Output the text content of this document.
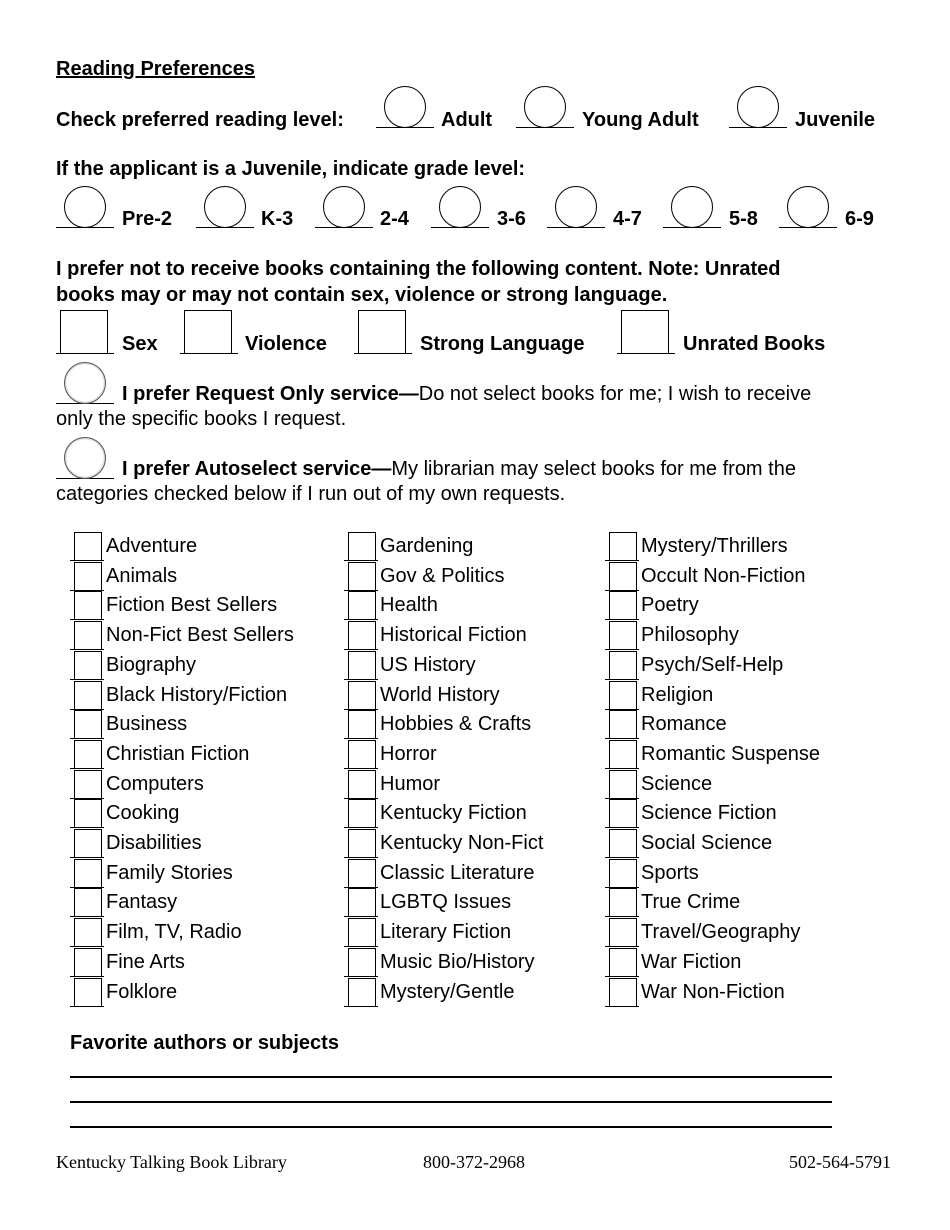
Reading Preferences
Check preferred reading level:	Adult	Young Adult	Juvenile
If the applicant is a Juvenile, indicate grade level:
Pre-2	K-3	2-4	3-6	4-7	5-8	6-9
I prefer not to receive books containing the following content. Note: Unrated
books may or may not contain sex, violence or strong language.
Sex	Violence	Strong Language	Unrated Books
I prefer Request Only service—Do not select books for me; I wish to receive
only the specific books I request.
I prefer Autoselect service—My librarian may select books for me from the
categories checked below if I run out of my own requests.
Adventure
Animals
Fiction Best Sellers
Non-Fict Best Sellers
Biography
Black History/Fiction
Business
Christian Fiction
Computers
Cooking
Disabilities
Family Stories
Fantasy
Film, TV, Radio
Fine Arts
Folklore
Gardening
Gov & Politics
Health
Historical Fiction
US History
World History
Hobbies & Crafts
Horror
Humor
Kentucky Fiction
Kentucky Non-Fict
Classic Literature
LGBTQ Issues
Literary Fiction
Music Bio/History
Mystery/Gentle
Mystery/Thrillers
Occult Non-Fiction
Poetry
Philosophy
Psych/Self-Help
Religion
Romance
Romantic Suspense
Science
Science Fiction
Social Science
Sports
True Crime
Travel/Geography
War Fiction
War Non-Fiction
Favorite authors or subjects
Kentucky Talking Book Library	800-372-2968	502-564-5791
